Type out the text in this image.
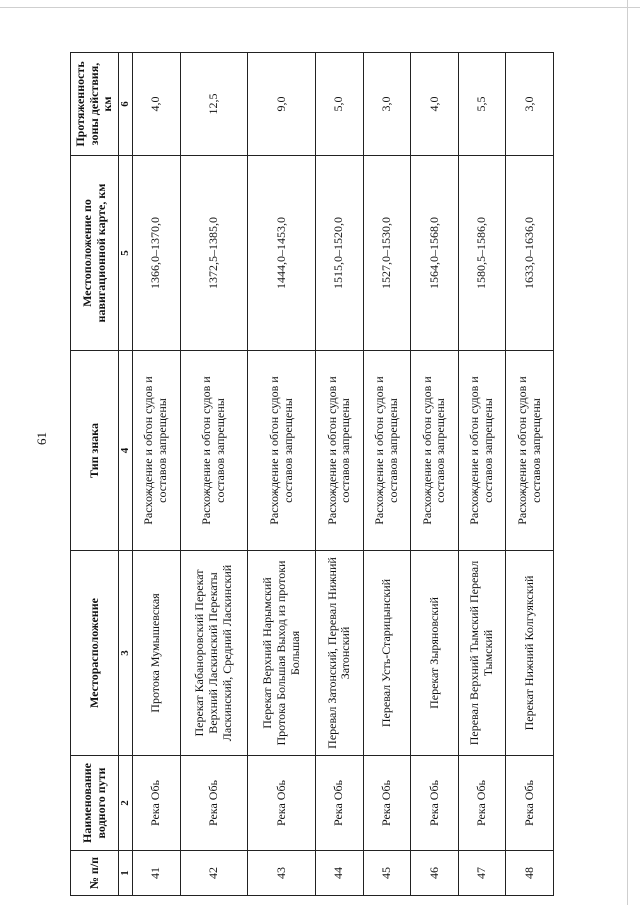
61
№ п/п	Наименование водного пути	Месторасположение	Тип знака	Местоположение по навигационной карте, км	Протяженность зоны действия, км
1	2	3	4	5	6
41	Река Обь	Протока Мумышевская	Расхождение и обгон судов и составов запрещены	1366,0–1370,0	4,0
42	Река Обь	Перекат Кабаноровский Перекат Верхний Ласкинский Перекаты Ласкинский, Средний Ласкинский	Расхождение и обгон судов и составов запрещены	1372,5–1385,0	12,5
43	Река Обь	Перекат Верхний Нарымский Протока Большая Выход из протоки Большая	Расхождение и обгон судов и составов запрещены	1444,0–1453,0	9,0
44	Река Обь	Перевал Затонский, Перевал Нижний Затонский	Расхождение и обгон судов и составов запрещены	1515,0–1520,0	5,0
45	Река Обь	Перевал Усть-Старицынский	Расхождение и обгон судов и составов запрещены	1527,0–1530,0	3,0
46	Река Обь	Перекат Зыряновский	Расхождение и обгон судов и составов запрещены	1564,0–1568,0	4,0
47	Река Обь	Перевал Верхний Тымский Перевал Тымский	Расхождение и обгон судов и составов запрещены	1580,5–1586,0	5,5
48	Река Обь	Перекат Нижний Колгуякский	Расхождение и обгон судов и составов запрещены	1633,0–1636,0	3,0
